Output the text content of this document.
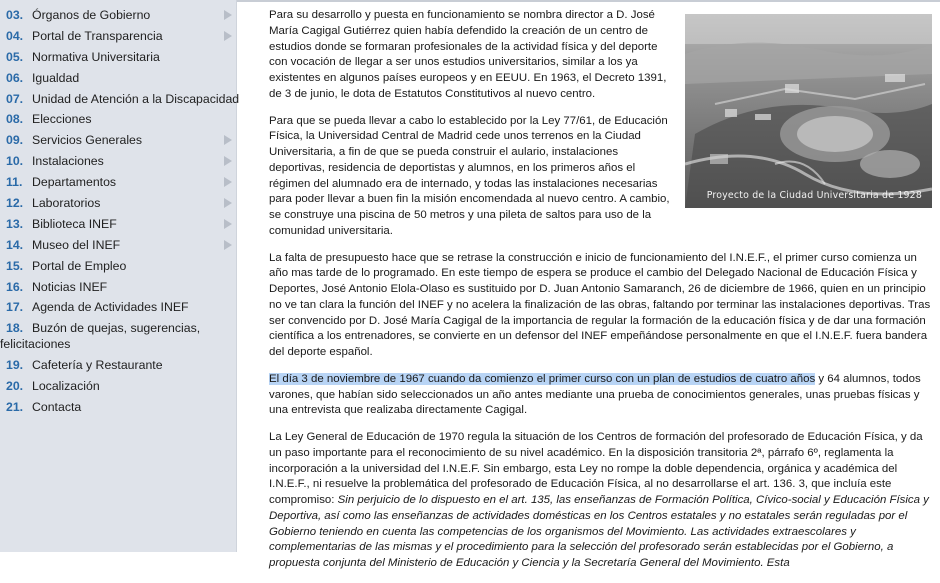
03. Órganos de Gobierno
04. Portal de Transparencia
05. Normativa Universitaria
06. Igualdad
07. Unidad de Atención a la Discapacidad
08. Elecciones
09. Servicios Generales
10. Instalaciones
11. Departamentos
12. Laboratorios
13. Biblioteca INEF
14. Museo del INEF
15. Portal de Empleo
16. Noticias INEF
17. Agenda de Actividades INEF
18. Buzón de quejas, sugerencias,
felicitaciones
19. Cafetería y Restaurante
20. Localización
21. Contacta
Proyecto de la Ciudad Universitaria de 1928

Para su desarrollo y puesta en funcionamiento se nombra director a D. José María Cagigal Gutiérrez quien había defendido la creación de un centro de estudios donde se formaran profesionales de la actividad física y del deporte con vocación de llegar a ser unos estudios universitarios, similar a los ya existentes en algunos países europeos y en EEUU. En 1963, el Decreto 1391, de 3 de junio, le dota de Estatutos Constitutivos al nuevo centro.

Para que se pueda llevar a cabo lo establecido por la Ley 77/61, de Educación Física, la Universidad Central de Madrid cede unos terrenos en la Ciudad Universitaria, a fin de que se pueda construir el aulario, instalaciones deportivas, residencia de deportistas y alumnos, en los primeros años el régimen del alumnado era de internado, y todas las instalaciones necesarias para poder llevar a buen fin la misión encomendada al nuevo centro. A cambio, se construye una piscina de 50 metros y una pileta de saltos para uso de la comunidad universitaria.

La falta de presupuesto hace que se retrase la construcción e inicio de funcionamiento del I.N.E.F., el primer curso comienza un año mas tarde de lo programado. En este tiempo de espera se produce el cambio del Delegado Nacional de Educación Física y Deportes, José Antonio Elola-Olaso es sustituido por D. Juan Antonio Samaranch, 26 de diciembre de 1966, quien en un principio no ve tan clara la función del INEF y no acelera la finalización de las obras, faltando por terminar las instalaciones deportivas. Tras ser convencido por D. José María Cagigal de la importancia de regular la formación de la educación física y de dar una formación científica a los entrenadores, se convierte en un defensor del INEF empeñándose personalmente en que el I.N.E.F. fuera bandera del deporte español.

El día 3 de noviembre de 1967 cuando da comienzo el primer curso con un plan de estudios de cuatro años y 64 alumnos, todos varones, que habían sido seleccionados un año antes mediante una prueba de conocimientos generales, unas pruebas físicas y una entrevista que realizaba directamente Cagigal.

La Ley General de Educación de 1970 regula la situación de los Centros de formación del profesorado de Educación Física, y da un paso importante para el reconocimiento de su nivel académico. En la disposición transitoria 2ª, párrafo 6º, reglamenta la incorporación a la universidad del I.N.E.F. Sin embargo, esta Ley no rompe la doble dependencia, orgánica y académica del I.N.E.F., ni resuelve la problemática del profesorado de Educación Física, al no desarrollarse el art. 136. 3, que incluía este compromiso: Sin perjuicio de lo dispuesto en el art. 135, las enseñanzas de Formación Política, Cívico-social y Educación Física y Deportiva, así como las enseñanzas de actividades domésticas en los Centros estatales y no estatales serán reguladas por el Gobierno teniendo en cuenta las competencias de los organismos del Movimiento. Las actividades extraescolares y complementarias de las mismas y el procedimiento para la selección del profesorado serán establecidas por el Gobierno, a propuesta conjunta del Ministerio de Educación y Ciencia y la Secretaría General del Movimiento. Esta
